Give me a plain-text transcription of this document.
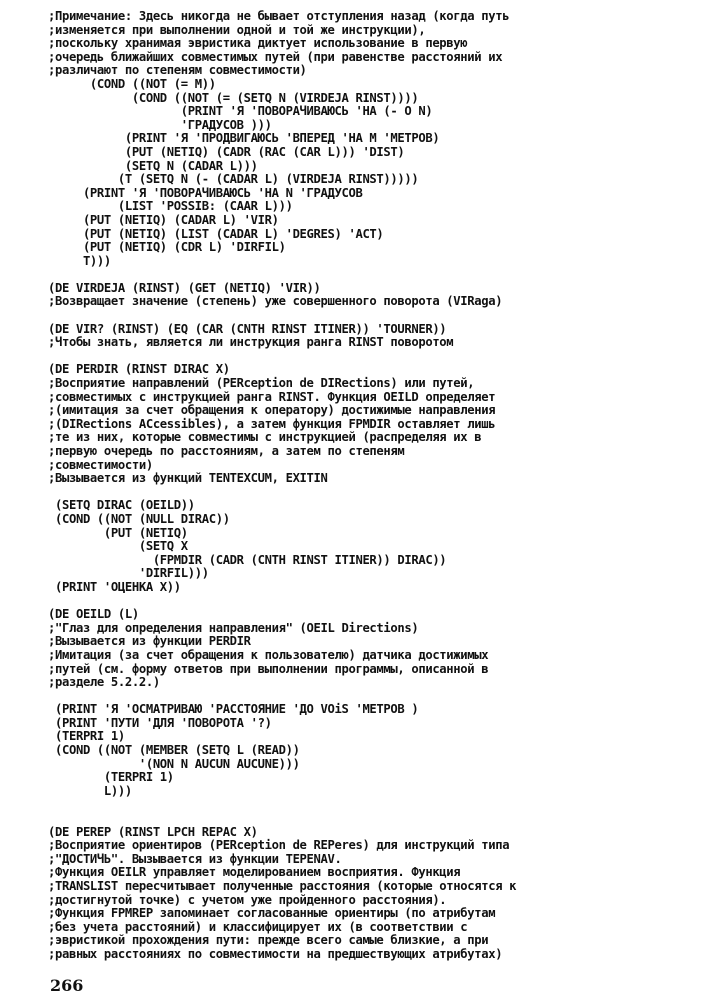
;Примечание: Здесь никогда не бывает отступления назад (когда путь
;изменяется при выполнении одной и той же инструкции),
;поскольку хранимая эвристика диктует использование в первую
;очередь ближайших совместимых путей (при равенстве расстояний их
;различают по степеням совместимости)
(COND ((NOT (= M))
(COND ((NOT (= (SETQ N (VIRDEJA RINST))))
(PRINT 'Я 'ПОВОРАЧИВАЮСЬ 'НА (- O N)
'ГРАДУСОВ )))
(PRINT 'Я 'ПРОДВИГАЮСЬ 'ВПЕРЕД 'НА M 'МЕТРОВ)
(PUT (NETIQ) (CADR (RAC (CAR L))) 'DIST)
(SETQ N (CADAR L)))
(T (SETQ N (- (CADAR L) (VIRDEJA RINST)))))
(PRINT 'Я 'ПОВОРАЧИВАЮСЬ 'НА N 'ГРАДУСОВ
(LIST 'POSSIB: (CAAR L)))
(PUT (NETIQ) (CADAR L) 'VIR)
(PUT (NETIQ) (LIST (CADAR L) 'DEGRES) 'ACT)
(PUT (NETIQ) (CDR L) 'DIRFIL)
T)))
(DE VIRDEJA (RINST) (GET (NETIQ) 'VIR))
;Возвращает значение (степень) уже совершенного поворота (VIRaga)
(DE VIR? (RINST) (EQ (CAR (CNTH RINST ITINER)) 'TOURNER))
;Чтобы знать, является ли инструкция ранга RINST поворотом
(DE PERDIR (RINST DIRAC X)
;Восприятие направлений (PERception de DIRections) или путей,
;совместимых с инструкцией ранга RINST. Функция OEILD определяет
;(имитация за счет обращения к оператору) достижимые направления
;(DIRections ACcessibles), а затем функция FPMDIR оставляет лишь
;те из них, которые совместимы с инструкцией (распределяя их в
;первую очередь по расстояниям, а затем по степеням
;совместимости)
;Вызывается из функций TENTEXCUM, EXITIN
(SETQ DIRAC (OEILD))
(COND ((NOT (NULL DIRAC))
(PUT (NETIQ)
(SETQ X
(FPMDIR (CADR (CNTH RINST ITINER)) DIRAC))
'DIRFIL)))
(PRINT 'ОЦЕНКА X))
(DE OEILD (L)
;"Глаз для определения направления" (OEIL Directions)
;Вызывается из функции PERDIR
;Имитация (за счет обращения к пользователю) датчика достижимых
;путей (см. форму ответов при выполнении программы, описанной в
;разделе 5.2.2.)
(PRINT 'Я 'ОСМАТРИВАЮ 'РАССТОЯНИЕ 'ДО VOiS 'МЕТРОВ )
(PRINT 'ПУТИ 'ДЛЯ 'ПОВОРОТА '?)
(TERPRI 1)
(COND ((NOT (MEMBER (SETQ L (READ))
'(NON N AUCUN AUCUNE)))
(TERPRI 1)
L)))
(DE PEREP (RINST LPCH REPAC X)
;Восприятие ориентиров (PERception de REPeres) для инструкций типа
;"ДОСТИЧЬ". Вызывается из функции TEPENAV.
;Функция OEILR управляет моделированием восприятия. Функция
;TRANSLIST пересчитывает полученные расстояния (которые относятся к
;достигнутой точке) с учетом уже пройденного расстояния).
;Функция FPMREP запоминает согласованные ориентиры (по атрибутам
;без учета расстояний) и классифицирует их (в соответствии с
;эвристикой прохождения пути: прежде всего самые близкие, а при
;равных расстояниях по совместимости на предшествующих атрибутах)
266
